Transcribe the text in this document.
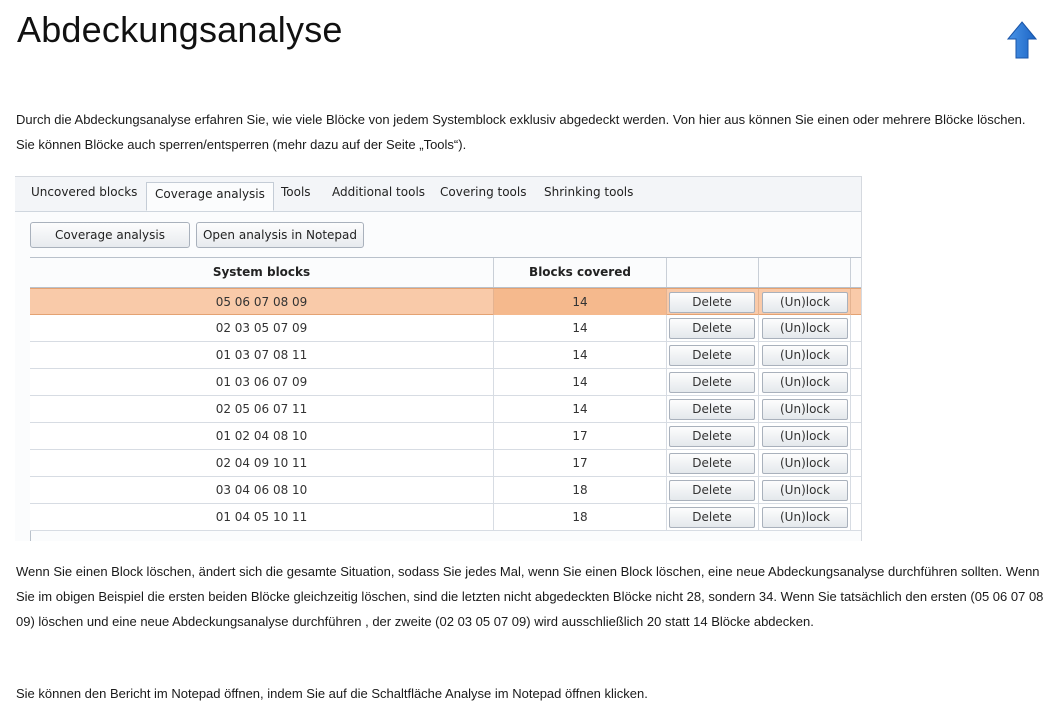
Abdeckungsanalyse

Durch die Abdeckungsanalyse erfahren Sie, wie viele Blöcke von jedem Systemblock exklusiv abgedeckt werden. Von hier aus können Sie einen oder mehrere Blöcke löschen. Sie können Blöcke auch sperren/entsperren (mehr dazu auf der Seite „Tools“).

Uncovered blocks	Coverage analysis	Tools Additional tools Covering tools Shrinking tools
Coverage analysis	Open analysis in Notepad
System blocks	Blocks covered
05 06 07 08 09	14	Delete	(Un)lock
02 03 05 07 09	14	Delete	(Un)lock
01 03 07 08 11	14	Delete	(Un)lock
01 03 06 07 09	14	Delete	(Un)lock
02 05 06 07 11	14	Delete	(Un)lock
01 02 04 08 10	17	Delete	(Un)lock
02 04 09 10 11	17	Delete	(Un)lock
03 04 06 08 10	18	Delete	(Un)lock
01 04 05 10 11	18	Delete	(Un)lock

Wenn Sie einen Block löschen, ändert sich die gesamte Situation, sodass Sie jedes Mal, wenn Sie einen Block löschen, eine neue Abdeckungsanalyse durchführen sollten. Wenn Sie im obigen Beispiel die ersten beiden Blöcke gleichzeitig löschen, sind die letzten nicht abgedeckten Blöcke nicht 28, sondern 34. Wenn Sie tatsächlich den ersten (05 06 07 08 09) löschen und eine neue Abdeckungsanalyse durchführen , der zweite (02 03 05 07 09) wird ausschließlich 20 statt 14 Blöcke abdecken.

Sie können den Bericht im Notepad öffnen, indem Sie auf die Schaltfläche Analyse im Notepad öffnen klicken.
